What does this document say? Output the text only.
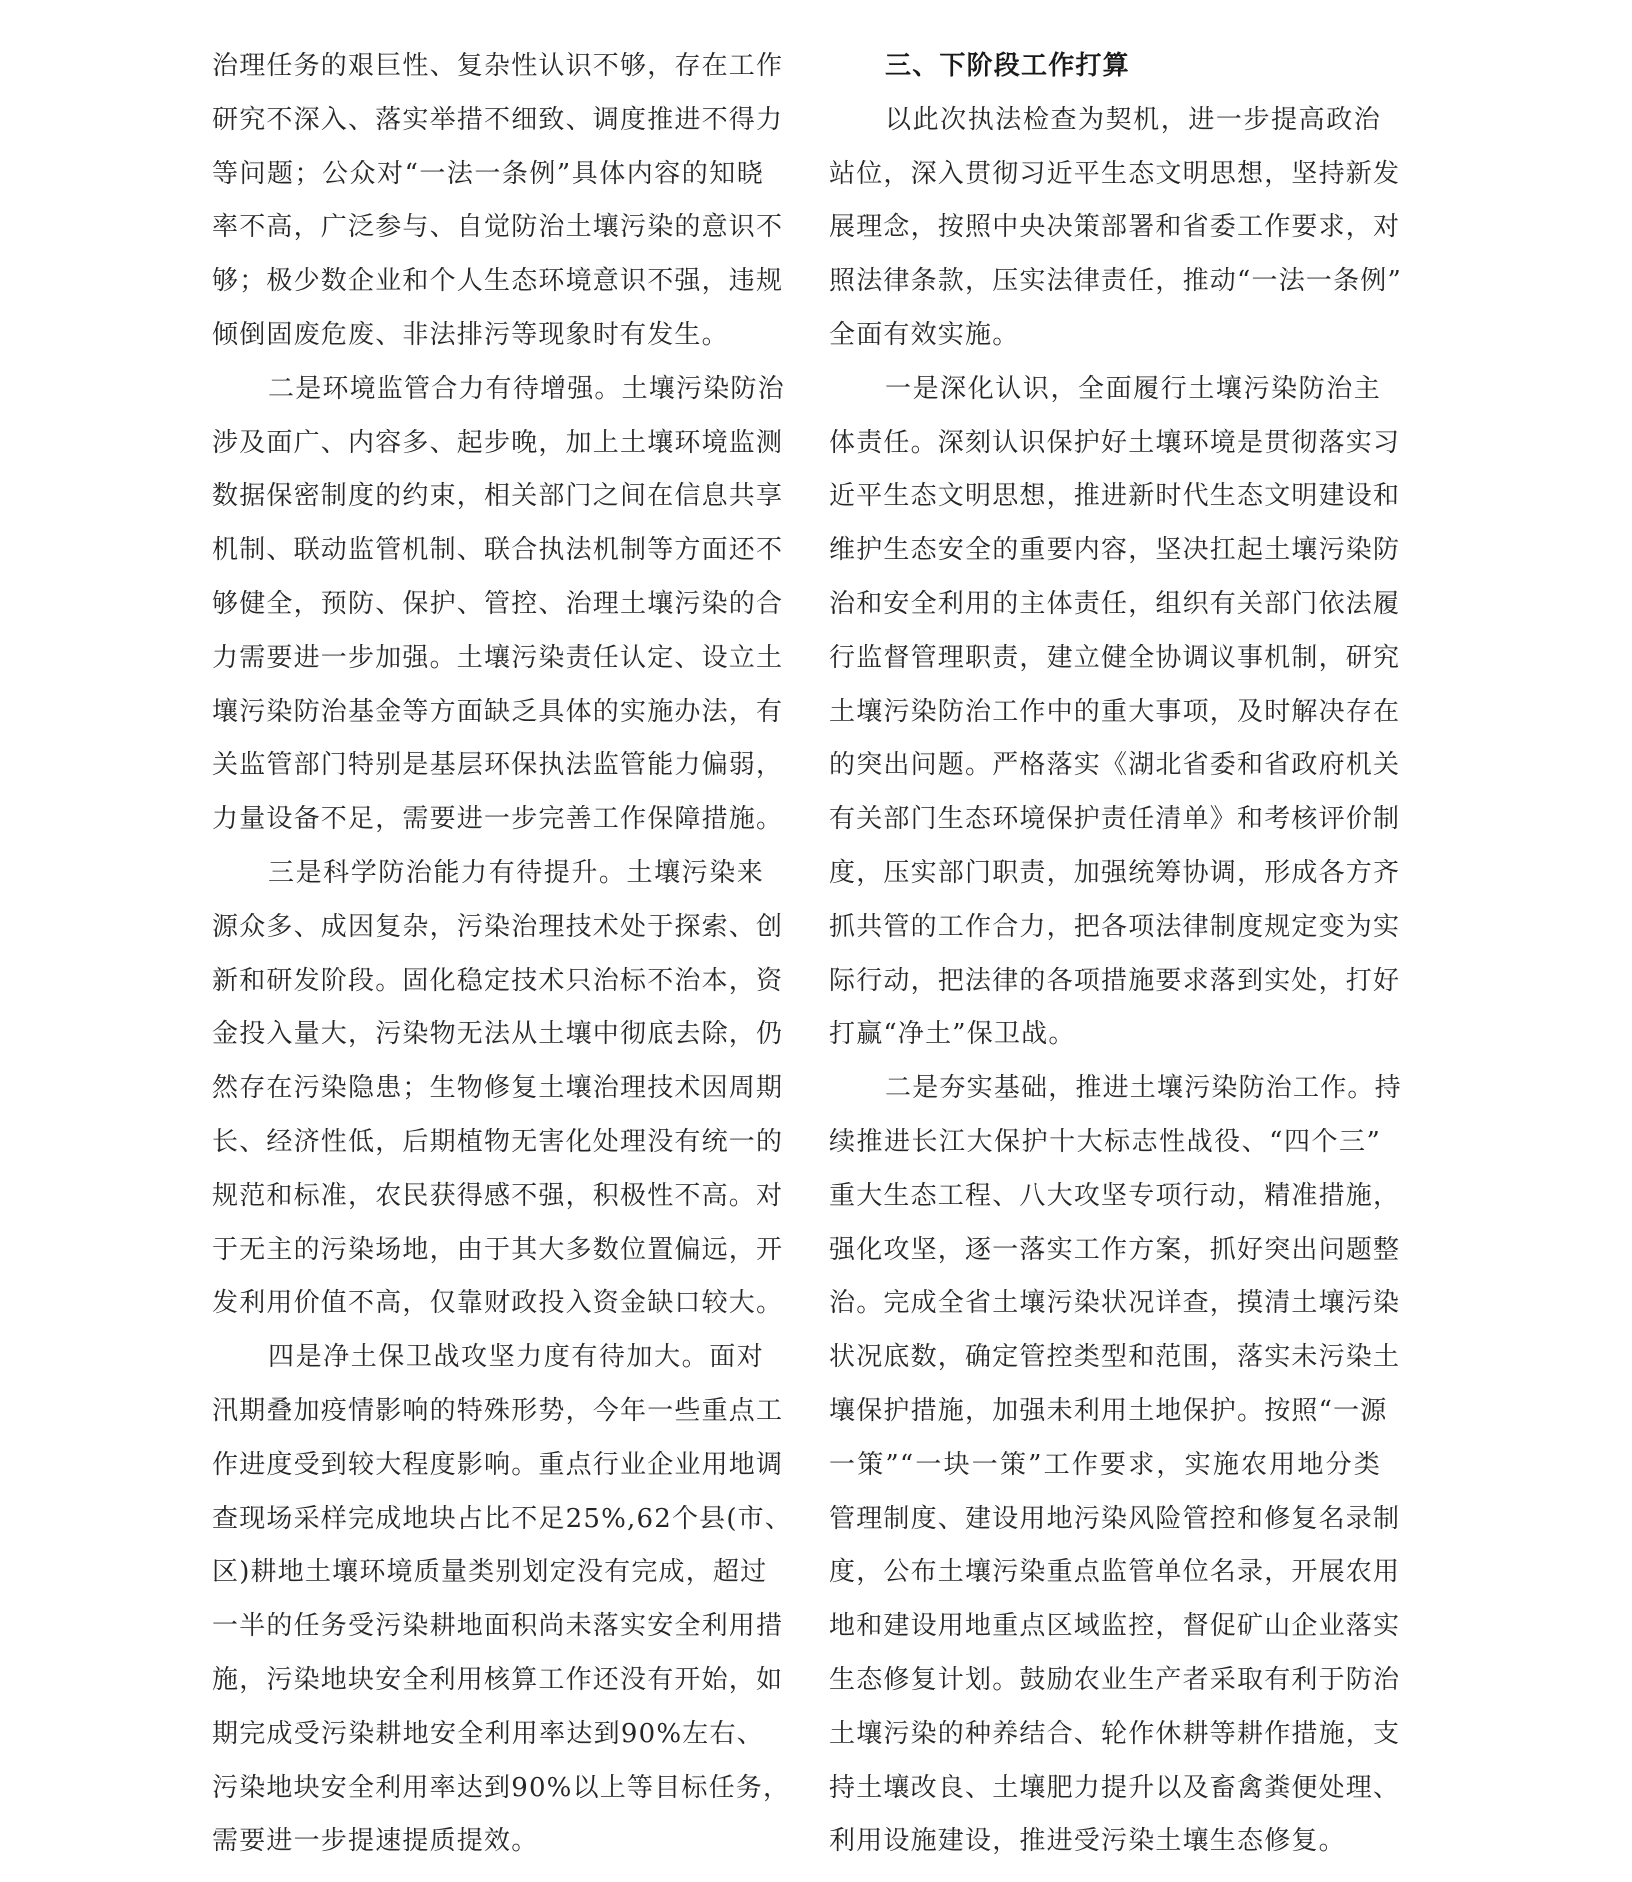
治理任务的艰巨性、复杂性认识不够，存在工作
研究不深入、落实举措不细致、调度推进不得力
等问题；公众对“一法一条例”具体内容的知晓
率不高，广泛参与、自觉防治土壤污染的意识不
够；极少数企业和个人生态环境意识不强，违规
倾倒固废危废、非法排污等现象时有发生。
二是环境监管合力有待增强。土壤污染防治
涉及面广、内容多、起步晚，加上土壤环境监测
数据保密制度的约束，相关部门之间在信息共享
机制、联动监管机制、联合执法机制等方面还不
够健全，预防、保护、管控、治理土壤污染的合
力需要进一步加强。土壤污染责任认定、设立土
壤污染防治基金等方面缺乏具体的实施办法，有
关监管部门特别是基层环保执法监管能力偏弱，
力量设备不足，需要进一步完善工作保障措施。
三是科学防治能力有待提升。土壤污染来
源众多、成因复杂，污染治理技术处于探索、创
新和研发阶段。固化稳定技术只治标不治本，资
金投入量大，污染物无法从土壤中彻底去除，仍
然存在污染隐患；生物修复土壤治理技术因周期
长、经济性低，后期植物无害化处理没有统一的
规范和标准，农民获得感不强，积极性不高。对
于无主的污染场地，由于其大多数位置偏远，开
发利用价值不高，仅靠财政投入资金缺口较大。
四是净土保卫战攻坚力度有待加大。面对
汛期叠加疫情影响的特殊形势，今年一些重点工
作进度受到较大程度影响。重点行业企业用地调
查现场采样完成地块占比不足25%,62个县(市、
区)耕地土壤环境质量类别划定没有完成，超过
一半的任务受污染耕地面积尚未落实安全利用措
施，污染地块安全利用核算工作还没有开始，如
期完成受污染耕地安全利用率达到90%左右、
污染地块安全利用率达到90%以上等目标任务，
需要进一步提速提质提效。
三、下阶段工作打算
以此次执法检查为契机，进一步提高政治
站位，深入贯彻习近平生态文明思想，坚持新发
展理念，按照中央决策部署和省委工作要求，对
照法律条款，压实法律责任，推动“一法一条例”
全面有效实施。
一是深化认识，全面履行土壤污染防治主
体责任。深刻认识保护好土壤环境是贯彻落实习
近平生态文明思想，推进新时代生态文明建设和
维护生态安全的重要内容，坚决扛起土壤污染防
治和安全利用的主体责任，组织有关部门依法履
行监督管理职责，建立健全协调议事机制，研究
土壤污染防治工作中的重大事项，及时解决存在
的突出问题。严格落实《湖北省委和省政府机关
有关部门生态环境保护责任清单》和考核评价制
度，压实部门职责，加强统筹协调，形成各方齐
抓共管的工作合力，把各项法律制度规定变为实
际行动，把法律的各项措施要求落到实处，打好
打赢“净土”保卫战。
二是夯实基础，推进土壤污染防治工作。持
续推进长江大保护十大标志性战役、“四个三”
重大生态工程、八大攻坚专项行动，精准措施，
强化攻坚，逐一落实工作方案，抓好突出问题整
治。完成全省土壤污染状况详查，摸清土壤污染
状况底数，确定管控类型和范围，落实未污染土
壤保护措施，加强未利用土地保护。按照“一源
一策”“一块一策”工作要求，实施农用地分类
管理制度、建设用地污染风险管控和修复名录制
度，公布土壤污染重点监管单位名录，开展农用
地和建设用地重点区域监控，督促矿山企业落实
生态修复计划。鼓励农业生产者采取有利于防治
土壤污染的种养结合、轮作休耕等耕作措施，支
持土壤改良、土壤肥力提升以及畜禽粪便处理、
利用设施建设，推进受污染土壤生态修复。
